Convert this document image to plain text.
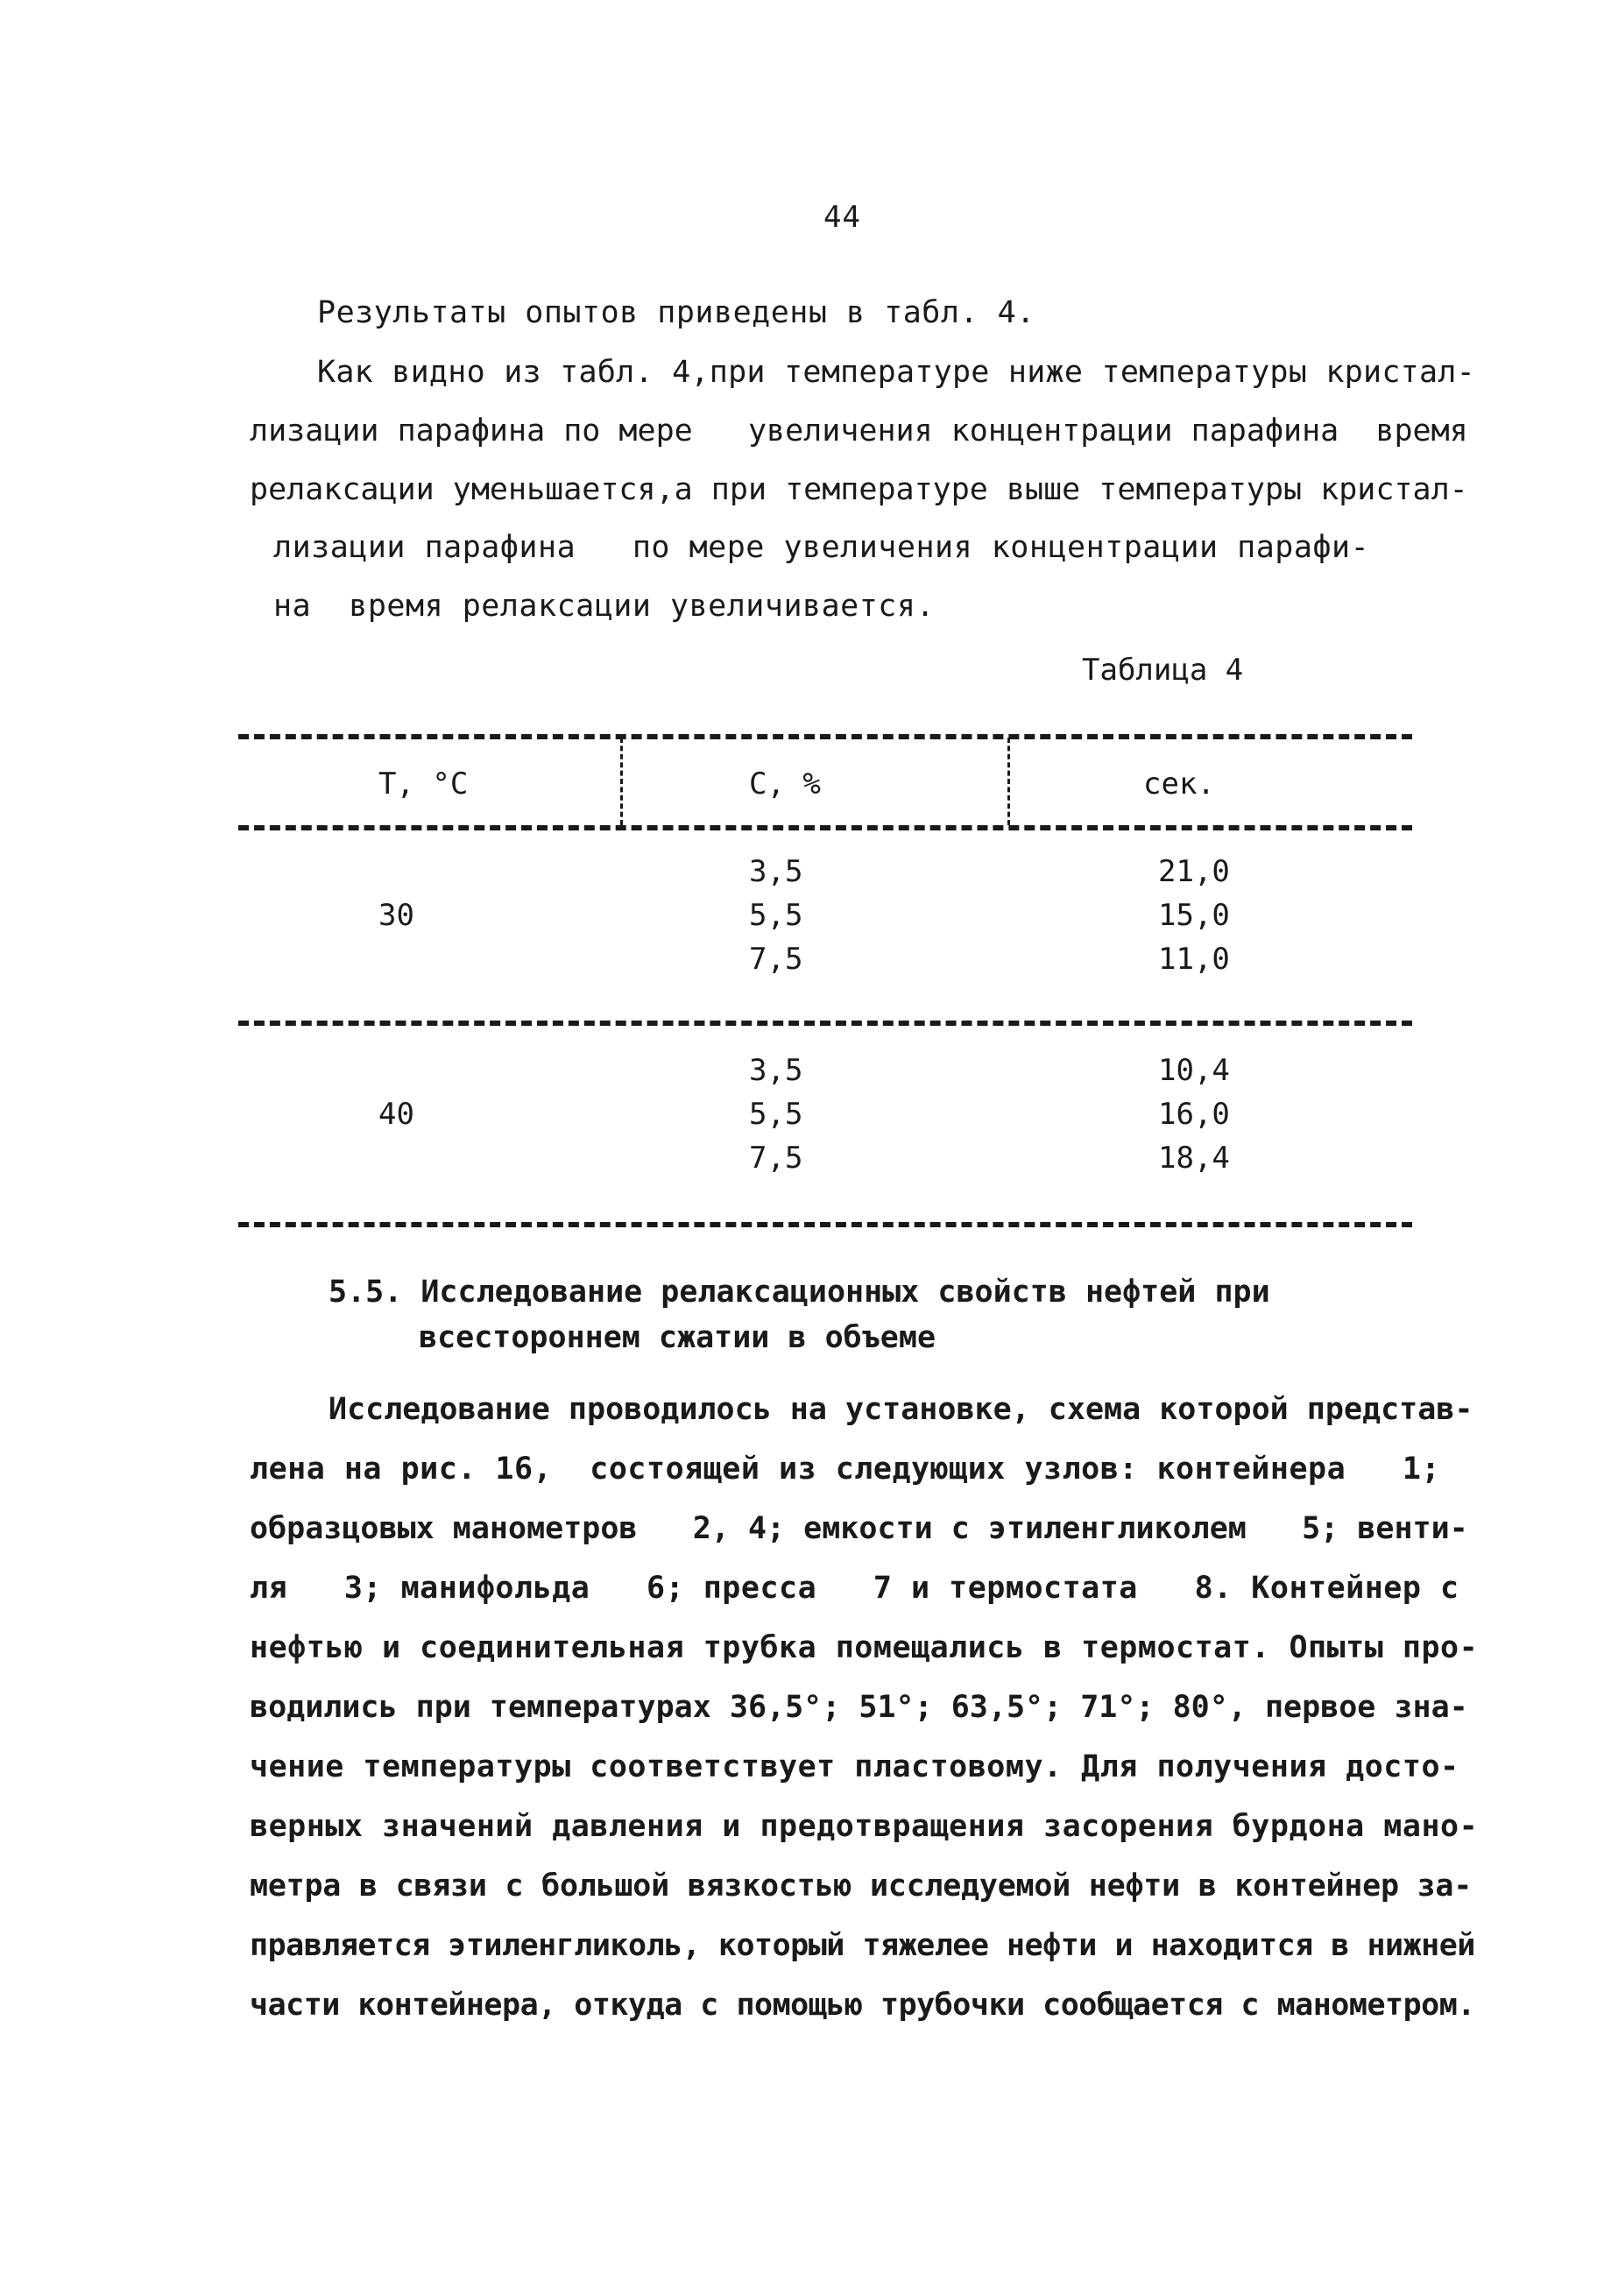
44
Результаты опытов приведены в табл. 4.
Как видно из табл. 4,при температуре ниже температуры кристал-
лизации парафина по мере   увеличения концентрации парафина  время
релаксации уменьшается,а при температуре выше температуры кристал-
лизации парафина   по мере увеличения концентрации парафи-
на  время релаксации увеличивается.
Таблица 4
T, °C	C, %	сек.
30
3,5	21,0
5,5	15,0
7,5	11,0
40
3,5	10,4
5,5	16,0
7,5	18,4
5.5. Исследование релаксационных свойств нефтей при
всестороннем сжатии в объеме
Исследование проводилось на установке, схема которой представ-
лена на рис. 16,  состоящей из следующих узлов: контейнера   1;
образцовых манометров   2, 4; емкости с этиленгликолем   5; венти-
ля   3; манифольда   6; пресса   7 и термостата   8. Контейнер с
нефтью и соединительная трубка помещались в термостат. Опыты про-
водились при температурах 36,5°; 51°; 63,5°; 71°; 80°, первое зна-
чение температуры соответствует пластовому. Для получения досто-
верных значений давления и предотвращения засорения бурдона мано-
метра в связи с большой вязкостью исследуемой нефти в контейнер за-
правляется этиленгликоль, который тяжелее нефти и находится в нижней
части контейнера, откуда с помощью трубочки сообщается с манометром.
